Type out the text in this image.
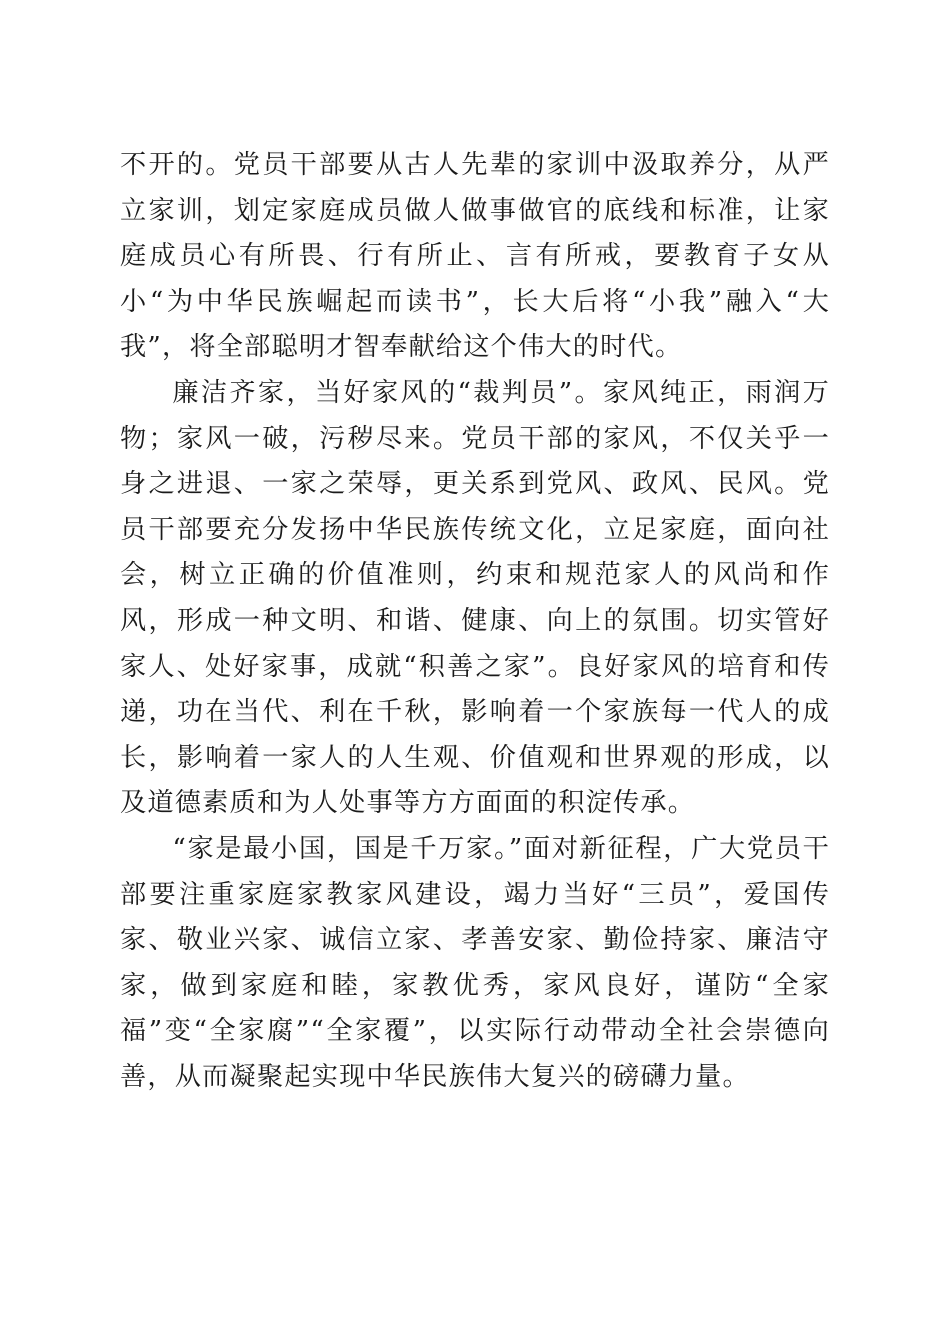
不开的。党员干部要从古人先辈的家训中汲取养分，从严立家训，划定家庭成员做人做事做官的底线和标准，让家庭成员心有所畏、行有所止、言有所戒，要教育子女从小“为中华民族崛起而读书”，长大后将“小我”融入“大我”，将全部聪明才智奉献给这个伟大的时代。

廉洁齐家，当好家风的“裁判员”。家风纯正，雨润万物；家风一破，污秽尽来。党员干部的家风，不仅关乎一身之进退、一家之荣辱，更关系到党风、政风、民风。党员干部要充分发扬中华民族传统文化，立足家庭，面向社会，树立正确的价值准则，约束和规范家人的风尚和作风，形成一种文明、和谐、健康、向上的氛围。切实管好家人、处好家事，成就“积善之家”。良好家风的培育和传递，功在当代、利在千秋，影响着一个家族每一代人的成长，影响着一家人的人生观、价值观和世界观的形成，以及道德素质和为人处事等方方面面的积淀传承。

“家是最小国，国是千万家。”面对新征程，广大党员干部要注重家庭家教家风建设，竭力当好“三员”，爱国传家、敬业兴家、诚信立家、孝善安家、勤俭持家、廉洁守家，做到家庭和睦，家教优秀，家风良好，谨防“全家福”变“全家腐”“全家覆”，以实际行动带动全社会崇德向善，从而凝聚起实现中华民族伟大复兴的磅礴力量。
